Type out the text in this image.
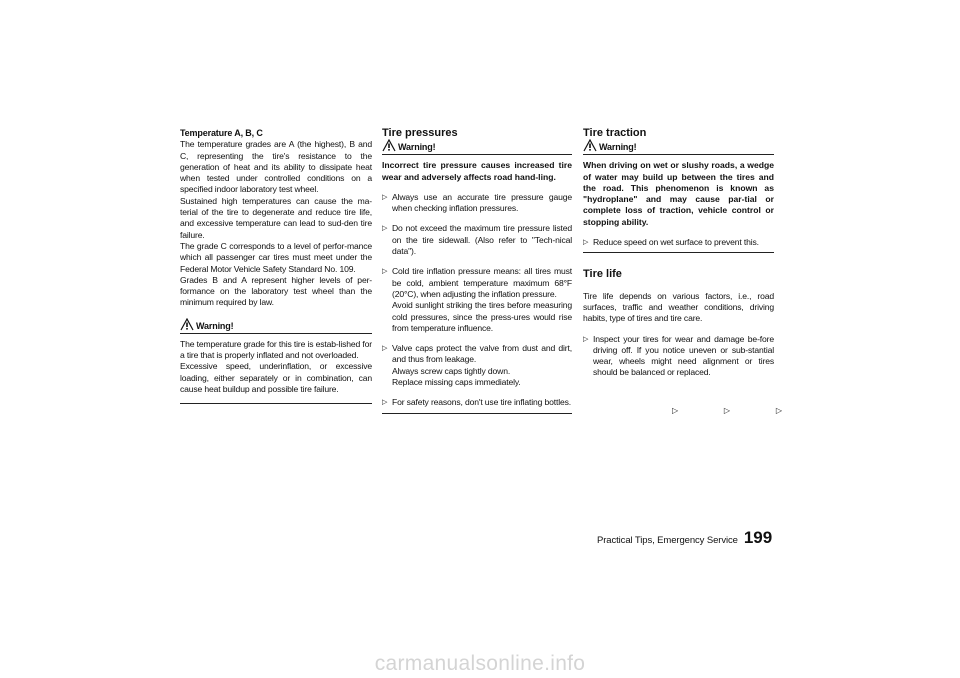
Temperature A, B, C

The temperature grades are A (the highest), B and C, representing the tire's resistance to the generation of heat and its ability to dissipate heat when tested under controlled conditions on a specified indoor laboratory test wheel.
Sustained high temperatures can cause the ma-terial of the tire to degenerate and reduce tire life, and excessive temperature can lead to sud-den tire failure.
The grade C corresponds to a level of perfor-mance which all passenger car tires must meet under the Federal Motor Vehicle Safety Standard No. 109.
Grades B and A represent higher levels of per-formance on the laboratory test wheel than the minimum required by law.

Warning!

The temperature grade for this tire is estab-lished for a tire that is properly inflated and not overloaded.
Excessive speed, underinflation, or excessive loading, either separately or in combination, can cause heat buildup and possible tire failure.

Tire pressures

Warning!

Incorrect tire pressure causes increased tire wear and adversely affects road hand-ling.

▷ Always use an accurate tire pressure gauge when checking inflation pressures.
▷ Do not exceed the maximum tire pressure listed on the tire sidewall. (Also refer to "Tech-nical data").
▷ Cold tire inflation pressure means: all tires must be cold, ambient temperature maximum 68°F (20°C), when adjusting the inflation pressure.
Avoid sunlight striking the tires before measuring cold pressures, since the press-ures would rise from temperature influence.
▷ Valve caps protect the valve from dust and dirt, and thus from leakage.
Always screw caps tightly down.
Replace missing caps immediately.
▷ For safety reasons, don't use tire inflating bottles.

Tire traction

Warning!

When driving on wet or slushy roads, a wedge of water may build up between the tires and the road. This phenomenon is known as "hydroplane" and may cause par-tial or complete loss of traction, vehicle control or stopping ability.

▷ Reduce speed on wet surface to prevent this.

Tire life

Tire life depends on various factors, i.e., road surfaces, traffic and weather conditions, driving habits, type of tires and tire care.

▷ Inspect your tires for wear and damage be-fore driving off. If you notice uneven or sub-stantial wear, wheels might need alignment or tires should be balanced or replaced.
▷	▷	▷
Practical Tips, Emergency Service 199
carmanualsonline.info
